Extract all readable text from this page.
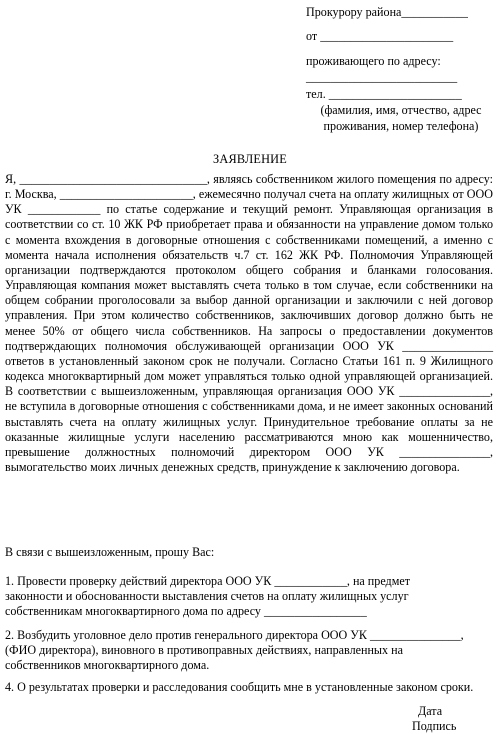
Прокурору района___________
от ______________________
проживающего по адресу:
_________________________
тел. ______________________
(фамилия, имя, отчество, адрес
проживания, номер телефона)
ЗАЯВЛЕНИЕ
Я, _______________________________, являясь собственником жилого помещения по адресу: г. Москва, ______________________, ежемесячно получал счета на оплату жилищных от ООО УК ____________ по статье содержание и текущий ремонт. Управляющая организация в соответствии со ст. 10 ЖК РФ приобретает права и обязанности на управление домом только с момента вхождения в договорные отношения с собственниками помещений, а именно с момента начала исполнения обязательств ч.7 ст. 162 ЖК РФ. Полномочия Управляющей организации подтверждаются протоколом общего собрания и бланками голосования. Управляющая компания может выставлять счета только в том случае, если собственники на общем собрании проголосовали за выбор данной организации и заключили с ней договор управления. При этом количество собственников, заключивших договор должно быть не менее 50% от общего числа собственников. На запросы о предоставлении документов подтверждающих полномочия обслуживающей организации ООО УК _______________ ответов в установленный законом срок не получали. Согласно Статьи 161 п. 9 Жилищного кодекса многоквартирный дом может управляться только одной управляющей организацией. В соответствии с вышеизложенным, управляющая организация ООО УК _______________, не вступила в договорные отношения с собственниками дома, и не имеет законных оснований выставлять счета на оплату жилищных услуг. Принудительное требование оплаты за не оказанные жилищные услуги населению рассматриваются мною как мошенничество, превышение должностных полномочий директором ООО УК _______________, вымогательство моих личных денежных средств, принуждение к заключению договора.
В связи с вышеизложенным, прошу Вас:
1. Провести проверку действий директора ООО УК ____________, на предмет
законности и обоснованности выставления счетов на оплату жилищных услуг
собственникам многоквартирного дома по адресу _________________
2. Возбудить уголовное дело против генерального директора ООО УК _______________,
(ФИО директора), виновного в противоправных действиях, направленных на
собственников многоквартирного дома.
4. О результатах проверки и расследования сообщить мне в установленные законом сроки.
Дата
Подпись
